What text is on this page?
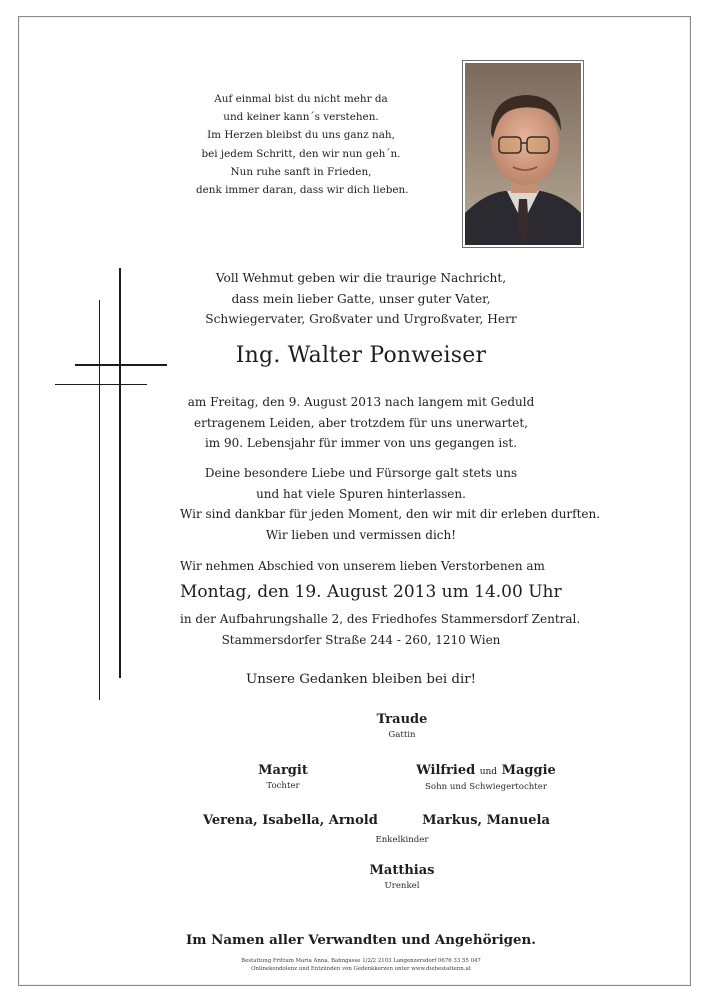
Auf einmal bist du nicht mehr da
und keiner kann´s verstehen.
Im Herzen bleibst du uns ganz nah,
bei jedem Schritt, den wir nun geh´n.
Nun ruhe sanft in Frieden,
denk immer daran, dass wir dich lieben.
Voll Wehmut geben wir die traurige Nachricht,
dass mein lieber Gatte, unser guter Vater,
Schwiegervater, Großvater und Urgroßvater, Herr
Ing. Walter Ponweiser
am Freitag, den 9. August 2013 nach langem mit Geduld
ertragenem Leiden, aber trotzdem für uns unerwartet,
im 90. Lebensjahr für immer von uns gegangen ist.
Deine besondere Liebe und Fürsorge galt stets uns
und hat viele Spuren hinterlassen.
Wir sind dankbar für jeden Moment, den wir mit dir erleben durften.
Wir lieben und vermissen dich!
Wir nehmen Abschied von unserem lieben Verstorbenen am
Montag, den 19. August 2013 um 14.00 Uhr
in der Aufbahrungshalle 2, des Friedhofes Stammersdorf Zentral.
Stammersdorfer Straße 244 - 260, 1210 Wien
Unsere Gedanken bleiben bei dir!
Traude
Gattin
Margit
Tochter
Wilfried und Maggie
Sohn und Schwiegertochter
Verena, Isabella, Arnold	Markus, Manuela
Enkelkinder
Matthias
Urenkel
Im Namen aller Verwandten und Angehörigen.
Bestattung Frittum Maria Anna, Bahngasse 1/2/2 2103 Langenzersdorf 0676 33 55 047
Onlinekondolenz und Entzünden von Gedenkkerzen unter www.diebestattenn.at
